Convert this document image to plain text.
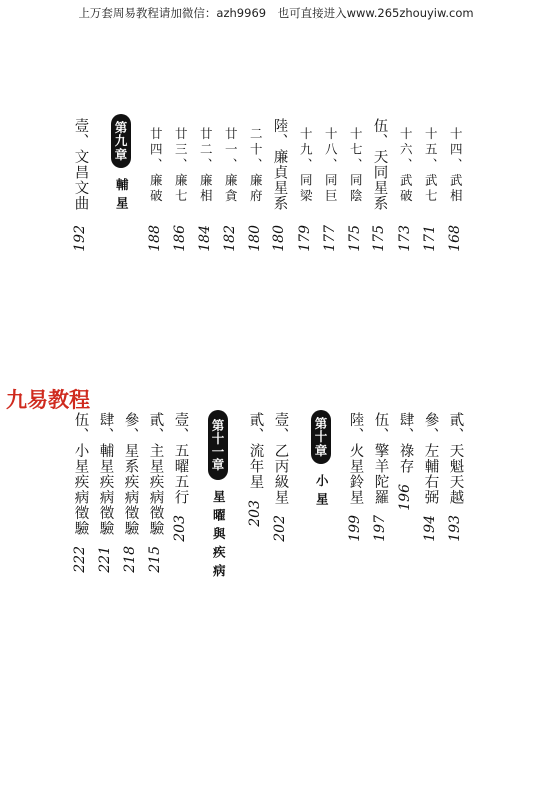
上万套周易教程请加微信：azh9969　也可直接进入www.265zhouyiw.com
九易教程
十四、武相
168
十五、武七
171
十六、武破
173
伍、天同星系
175
十七、同陰
175
十八、同巨
177
十九、同梁
179
陸、廉貞星系
180
二十、廉府
180
廿一、廉貪
182
廿二、廉相
184
廿三、廉七
186
廿四、廉破
188
第
九
章
輔星
壹、文昌文曲
192
貳、天魁天越
193
參、左輔右弼
194
肆、祿存
196
伍、擎羊陀羅
197
陸、火星鈴星
199
第
十
章
小星
壹、乙丙級星
202
貳、流年星
203
第
十
一
章
星曜與疾病
壹、五曜五行
203
貳、主星疾病徵驗
215
參、星系疾病徵驗
218
肆、輔星疾病徵驗
221
伍、小星疾病徵驗
222
